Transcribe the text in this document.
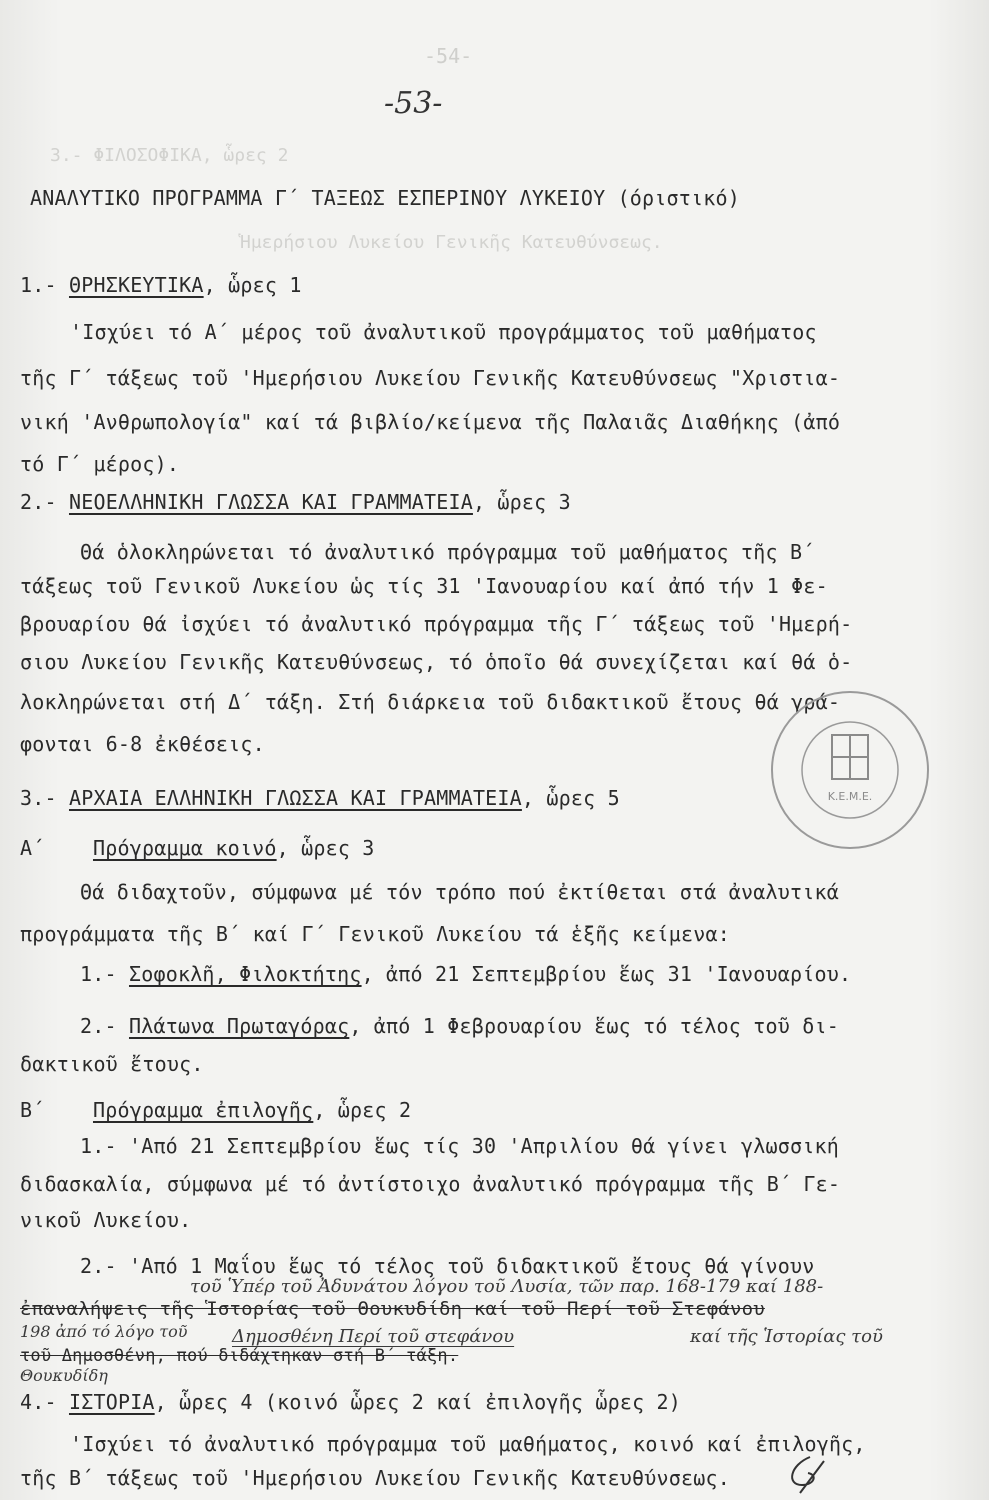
-54-
3.- ΦΙΛΟΣΟΦΙΚΑ, ὧρες 2
Ἡμερήσιου Λυκείου Γενικῆς Κατευθύνσεως.
-53-
ΑΝΑΛΥΤΙΚΟ ΠΡΟΓΡΑΜΜΑ Γ΄ ΤΑΞΕΩΣ ΕΣΠΕΡΙΝΟΥ ΛΥΚΕΙΟΥ (όριστικό)
1.- ΘΡΗΣΚΕΥΤΙΚΑ, ὧρες 1
'Ισχύει τό Α΄ μέρος τοῦ ἀναλυτικοῦ προγράμματος τοῦ μαθήματος
τῆς Γ΄ τάξεως τοῦ 'Ημερήσιου Λυκείου Γενικῆς Κατευθύνσεως "Χριστια-
νική 'Ανθρωπολογία" καί τά βιβλίο/κείμενα τῆς Παλαιᾶς Διαθήκης (ἀπό
τό Γ΄ μέρος).
2.- ΝΕΟΕΛΛΗΝΙΚΗ ΓΛΩΣΣΑ ΚΑΙ ΓΡΑΜΜΑΤΕΙΑ, ὧρες 3
Θά ὁλοκληρώνεται τό ἀναλυτικό πρόγραμμα τοῦ μαθήματος τῆς Β΄
τάξεως τοῦ Γενικοῦ Λυκείου ὡς τίς 31 'Ιανουαρίου καί ἀπό τήν 1 Φε-
βρουαρίου θά ἰσχύει τό ἀναλυτικό πρόγραμμα τῆς Γ΄ τάξεως τοῦ 'Ημερή-
σιου Λυκείου Γενικῆς Κατευθύνσεως, τό ὁποῖο θά συνεχίζεται καί θά ὁ-
λοκληρώνεται στή Δ΄ τάξη. Στή διάρκεια τοῦ διδακτικοῦ ἔτους θά γρά-
φονται 6-8 ἐκθέσεις.
3.- ΑΡΧΑΙΑ ΕΛΛΗΝΙΚΗ ΓΛΩΣΣΑ ΚΑΙ ΓΡΑΜΜΑΤΕΙΑ, ὧρες 5
Α΄ Πρόγραμμα κοινό, ὧρες 3
Θά διδαχτοῦν, σύμφωνα μέ τόν τρόπο πού ἐκτίθεται στά ἀναλυτικά
προγράμματα τῆς Β΄ καί Γ΄ Γενικοῦ Λυκείου τά ἑξῆς κείμενα:
1.- Σοφοκλῆ, Φιλοκτήτης, ἀπό 21 Σεπτεμβρίου ἕως 31 'Ιανουαρίου.
2.- Πλάτωνα Πρωταγόρας, ἀπό 1 Φεβρουαρίου ἕως τό τέλος τοῦ δι-
δακτικοῦ ἔτους.
Β΄ Πρόγραμμα ἐπιλογῆς, ὧρες 2
1.- 'Από 21 Σεπτεμβρίου ἕως τίς 30 'Απριλίου θά γίνει γλωσσική
διδασκαλία, σύμφωνα μέ τό ἀντίστοιχο ἀναλυτικό πρόγραμμα τῆς Β΄ Γε-
νικοῦ Λυκείου.
2.- 'Από 1 Μαΐου ἕως τό τέλος τοῦ διδακτικοῦ ἔτους θά γίνουν
τοῦ Ὑπέρ τοῦ Ἀδυνάτου λόγου τοῦ Λυσία, τῶν παρ. 168-179 καί 188-
ἐπαναλήψεις τῆς Ἱστορίας τοῦ Θουκυδίδη καί τοῦ Περί τοῦ Στεφάνου
198 ἀπό τό λόγο τοῦ Δημοσθένη Περί τοῦ στεφάνου	καί τῆς Ἱστορίας τοῦ
τοῦ Δημοσθένη, πού διδάχτηκαν στή Β΄ τάξη.
Θουκυδίδη
4.- ΙΣΤΟΡΙΑ, ὧρες 4 (κοινό ὧρες 2 καί ἐπιλογῆς ὧρες 2)
'Ισχύει τό ἀναλυτικό πρόγραμμα τοῦ μαθήματος, κοινό καί ἐπιλογῆς,
τῆς Β΄ τάξεως τοῦ 'Ημερήσιου Λυκείου Γενικῆς Κατευθύνσεως.
Κ.Ε.Μ.Ε.
